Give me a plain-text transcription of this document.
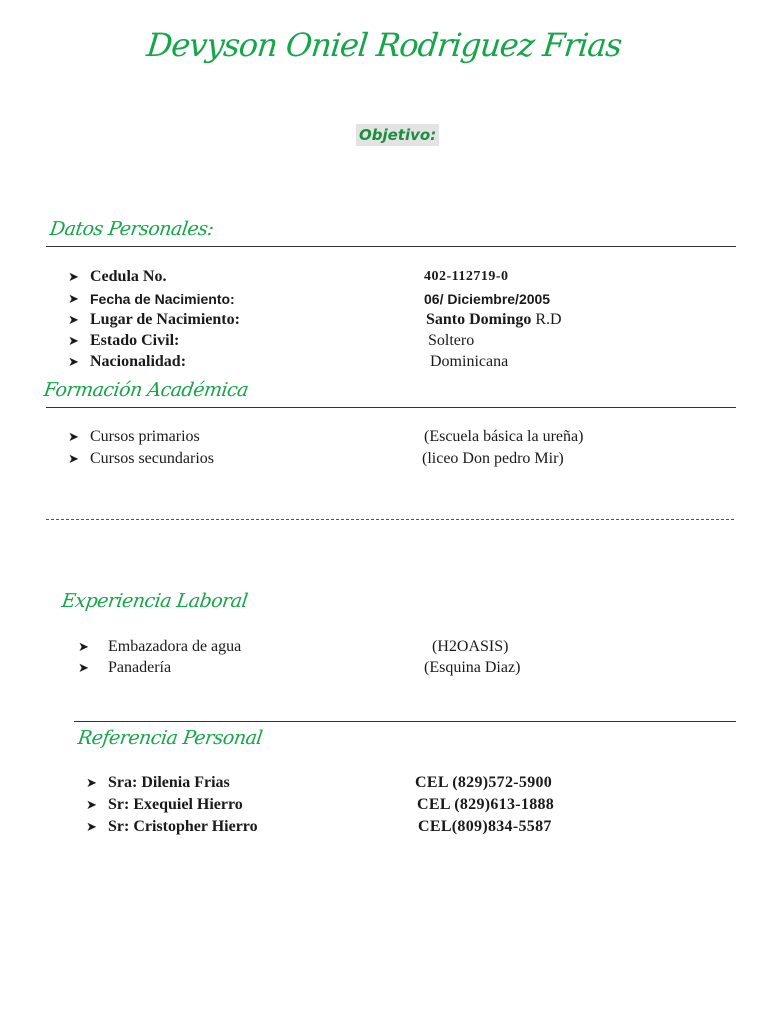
Devyson Oniel Rodriguez Frias
Objetivo:
Datos Personales:
➤ Cedula No.	402-112719-0
➤ Fecha de Nacimiento:	06/ Diciembre/2005
➤ Lugar de Nacimiento:	Santo Domingo R.D
➤ Estado Civil:	Soltero
➤ Nacionalidad:	Dominicana
Formación Académica
➤ Cursos primarios	(Escuela básica la ureña)
➤ Cursos secundarios	(liceo Don pedro Mir)
Experiencia Laboral
➤ Embazadora de agua	(H2OASIS)
➤ Panadería	(Esquina Diaz)
Referencia Personal
➤ Sra: Dilenia Frias	CEL (829)572-5900
➤ Sr: Exequiel Hierro	CEL (829)613-1888
➤ Sr: Cristopher Hierro	CEL(809)834-5587
